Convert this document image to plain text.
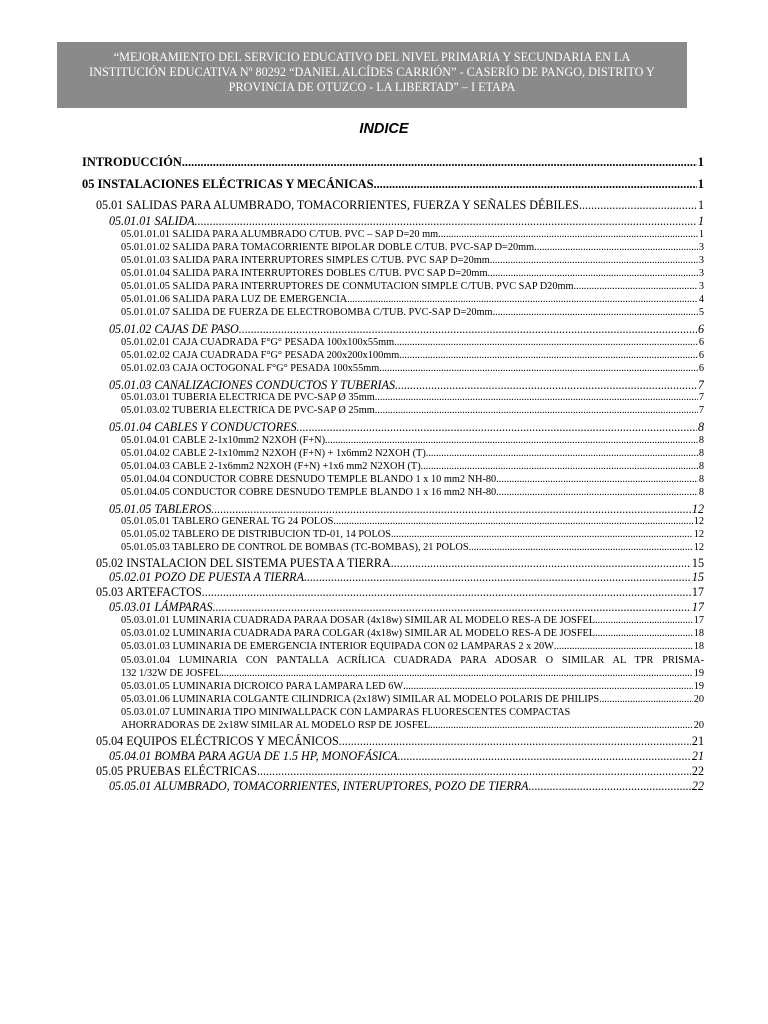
“MEJORAMIENTO DEL SERVICIO EDUCATIVO DEL NIVEL PRIMARIA Y SECUNDARIA EN LA
INSTITUCIÓN EDUCATIVA Nº 80292 “DANIEL ALCÍDES CARRIÓN” - CASERÍO DE PANGO, DISTRITO Y
PROVINCIA DE OTUZCO - LA LIBERTAD” – I ETAPA
INDICE
INTRODUCCIÓN .....	1
05 INSTALACIONES ELÉCTRICAS Y MECÁNICAS .....	1
05.01 SALIDAS PARA ALUMBRADO, TOMACORRIENTES, FUERZA Y SEÑALES DÉBILES .....	1
05.01.01 SALIDA .....	1
05.01.01.01 SALIDA PARA ALUMBRADO C/TUB. PVC – SAP D=20 mm .....	1
05.01.01.02 SALIDA PARA TOMACORRIENTE BIPOLAR DOBLE C/TUB. PVC-SAP D=20mm .....	3
05.01.01.03 SALIDA PARA INTERRUPTORES SIMPLES C/TUB. PVC SAP D=20mm .....	3
05.01.01.04 SALIDA PARA INTERRUPTORES DOBLES C/TUB. PVC SAP D=20mm .....	3
05.01.01.05 SALIDA PARA INTERRUPTORES DE CONMUTACIÓN SIMPLE C/TUB. PVC SAP D20mm .....	3
05.01.01.06 SALIDA PARA LUZ DE EMERGENCIA .....	4
05.01.01.07 SALIDA DE FUERZA DE ELECTROBOMBA C/TUB. PVC-SAP D=20mm .....	5
05.01.02 CAJAS DE PASO .....	6
05.01.02.01 CAJA CUADRADA F°G° PESADA 100x100x55mm .....	6
05.01.02.02 CAJA CUADRADA F°G° PESADA 200x200x100mm .....	6
05.01.02.03 CAJA OCTOGONAL F°G° PESADA 100x55mm .....	6
05.01.03 CANALIZACIONES CONDUCTOS Y TUBERIAS .....	7
05.01.03.01 TUBERIA ELECTRICA DE PVC-SAP Ø 35mm .....	7
05.01.03.02 TUBERIA ELECTRICA DE PVC-SAP Ø 25mm .....	7
05.01.04 CABLES Y CONDUCTORES .....	8
05.01.04.01 CABLE 2-1x10mm2 N2XOH (F+N) .....	8
05.01.04.02 CABLE 2-1x10mm2 N2XOH (F+N) + 1x6mm2 N2XOH (T) .....	8
05.01.04.03 CABLE 2-1x6mm2 N2XOH (F+N) +1x6 mm2 N2XOH (T) .....	8
05.01.04.04 CONDUCTOR COBRE DESNUDO TEMPLE BLANDO 1 x 10 mm2 NH-80 .....	8
05.01.04.05 CONDUCTOR COBRE DESNUDO TEMPLE BLANDO 1 x 16 mm2 NH-80 .....	8
05.01.05 TABLEROS .....	12
05.01.05.01 TABLERO GENERAL TG 24 POLOS .....	12
05.01.05.02 TABLERO DE DISTRIBUCIÓN TD-01, 14 POLOS .....	12
05.01.05.03 TABLERO DE CONTROL DE BOMBAS (TC-BOMBAS), 21 POLOS .....	12
05.02 INSTALACION DEL SISTEMA PUESTA A TIERRA .....	15
05.02.01 POZO DE PUESTA A TIERRA .....	15
05.03 ARTEFACTOS .....	17
05.03.01 LÁMPARAS .....	17
05.03.01.01 LUMINARIA CUADRADA PARAA DOSAR (4x18w) SIMILAR AL MODELO RES-A DE JOSFEL .....	17
05.03.01.02 LUMINARIA CUADRADA PARA COLGAR (4x18w) SIMILAR AL MODELO RES-A DE JOSFEL .....	18
05.03.01.03 LUMINARIA DE EMERGENCIA INTERIOR EQUIPADA CON 02 LAMPARAS 2 x 20W .....	18
05.03.01.04 LUMINARIA CON PANTALLA ACRÍLICA CUADRADA PARA ADOSAR O SIMILAR AL TPR PRISMA-
132 1/32W DE JOSFEL .....	19
05.03.01.05 LUMINARIA DICROICO PARA LAMPARA LED 6W .....	19
05.03.01.06 LUMINARIA COLGANTE CILINDRICA (2x18W) SIMILAR AL MODELO POLARIS DE PHILIPS .....	20
05.03.01.07 LUMINARIA TIPO MINIWALLPACK CON LAMPARAS FLUORESCENTES COMPACTAS
AHORRADORAS DE 2x18W SIMILAR AL MODELO RSP DE JOSFEL .....	20
05.04 EQUIPOS ELÉCTRICOS Y MECÁNICOS .....	21
05.04.01 BOMBA PARA AGUA DE 1.5 HP, MONOFÁSICA .....	21
05.05 PRUEBAS ELÉCTRICAS .....	22
05.05.01 ALUMBRADO, TOMACORRIENTES, INTERUPTORES, POZO DE TIERRA .....	22
